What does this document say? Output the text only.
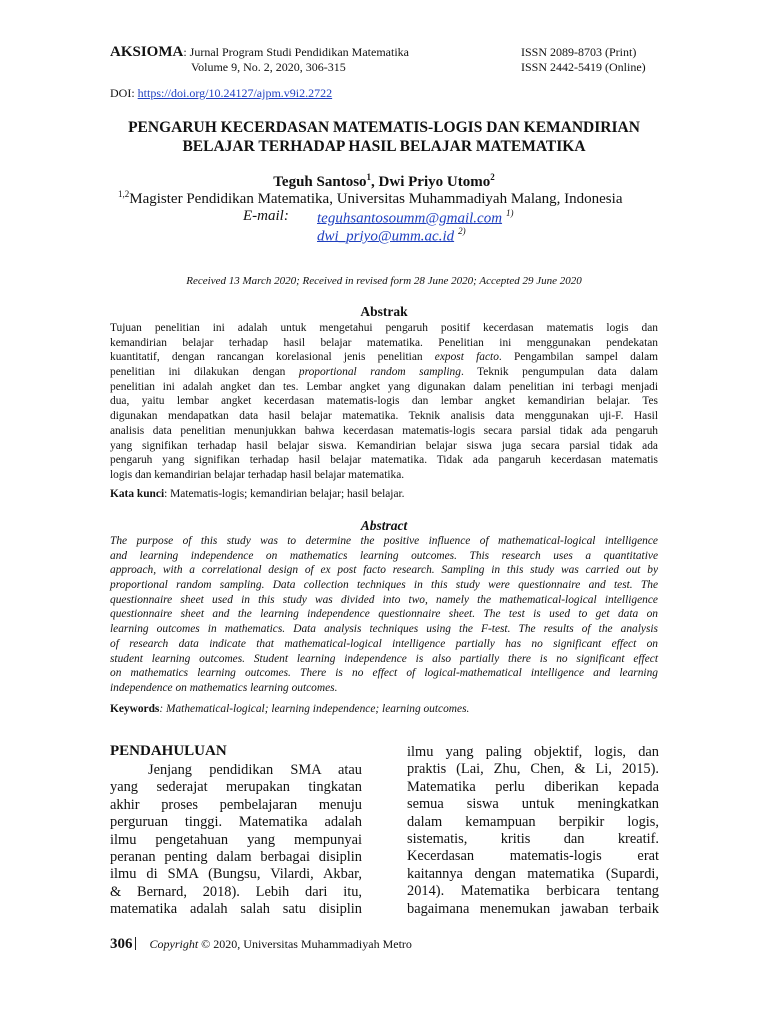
AKSIOMA: Jurnal Program Studi Pendidikan Matematika
Volume 9, No. 2, 2020, 306-315
ISSN 2089-8703 (Print)
ISSN 2442-5419 (Online)
DOI: https://doi.org/10.24127/ajpm.v9i2.2722
PENGARUH KECERDASAN MATEMATIS-LOGIS DAN KEMANDIRIAN
BELAJAR TERHADAP HASIL BELAJAR MATEMATIKA
Teguh Santoso$^1$, Dwi Priyo Utomo$^2$
$^{1,2}$Magister Pendidikan Matematika, Universitas Muhammadiyah Malang, Indonesia
E-mail: teguhsantosoumm@gmail.com $^{1)}$
dwi_priyo@umm.ac.id $^{2)}$
Received 13 March 2020; Received in revised form 28 June 2020; Accepted 29 June 2020
Abstrak
Tujuan penelitian ini adalah untuk mengetahui pengaruh positif kecerdasan matematis logis dan
kemandirian belajar terhadap hasil belajar matematika. Penelitian ini menggunakan pendekatan
kuantitatif, dengan rancangan korelasional jenis penelitian expost facto. Pengambilan sampel dalam
penelitian ini dilakukan dengan proportional random sampling. Teknik pengumpulan data dalam
penelitian ini adalah angket dan tes. Lembar angket yang digunakan dalam penelitian ini terbagi menjadi
dua, yaitu lembar angket kecerdasan matematis-logis dan lembar angket kemandirian belajar. Tes
digunakan mendapatkan data hasil belajar matematika. Teknik analisis data menggunakan uji-F. Hasil
analisis data penelitian menunjukkan bahwa kecerdasan matematis-logis secara parsial tidak ada pengaruh
yang signifikan terhadap hasil belajar siswa. Kemandirian belajar siswa juga secara parsial tidak ada
pengaruh yang signifikan terhadap hasil belajar matematika. Tidak ada pangaruh kecerdasan matematis
logis dan kemandirian belajar terhadap hasil belajar matematika.
Kata kunci: Matematis-logis; kemandirian belajar; hasil belajar.
Abstract
The purpose of this study was to determine the positive influence of mathematical-logical intelligence
and learning independence on mathematics learning outcomes. This research uses a quantitative
approach, with a correlational design of ex post facto research. Sampling in this study was carried out by
proportional random sampling. Data collection techniques in this study were questionnaire and test. The
questionnaire sheet used in this study was divided into two, namely the mathematical-logical intelligence
questionnaire sheet and the learning independence questionnaire sheet. The test is used to get data on
learning outcomes in mathematics. Data analysis techniques using the F-test. The results of the analysis
of research data indicate that mathematical-logical intelligence partially has no significant effect on
student learning outcomes. Student learning independence is also partially there is no significant effect
on mathematics learning outcomes. There is no effect of logical-mathematical intelligence and learning
independence on mathematics learning outcomes.
Keywords: Mathematical-logical; learning independence; learning outcomes.
PENDAHULUAN
Jenjang pendidikan SMA atau
yang sederajat merupakan tingkatan
akhir proses pembelajaran menuju
perguruan tinggi. Matematika adalah
ilmu pengetahuan yang mempunyai
peranan penting dalam berbagai disiplin
ilmu di SMA (Bungsu, Vilardi, Akbar,
& Bernard, 2018). Lebih dari itu,
matematika adalah salah satu disiplin
ilmu yang paling objektif, logis, dan
praktis (Lai, Zhu, Chen, & Li, 2015).
Matematika perlu diberikan kepada
semua siswa untuk meningkatkan
dalam kemampuan berpikir logis,
sistematis, kritis dan kreatif.
Kecerdasan matematis-logis erat
kaitannya dengan matematika (Supardi,
2014). Matematika berbicara tentang
bagaimana menemukan jawaban terbaik
306 Copyright © 2020, Universitas Muhammadiyah Metro
